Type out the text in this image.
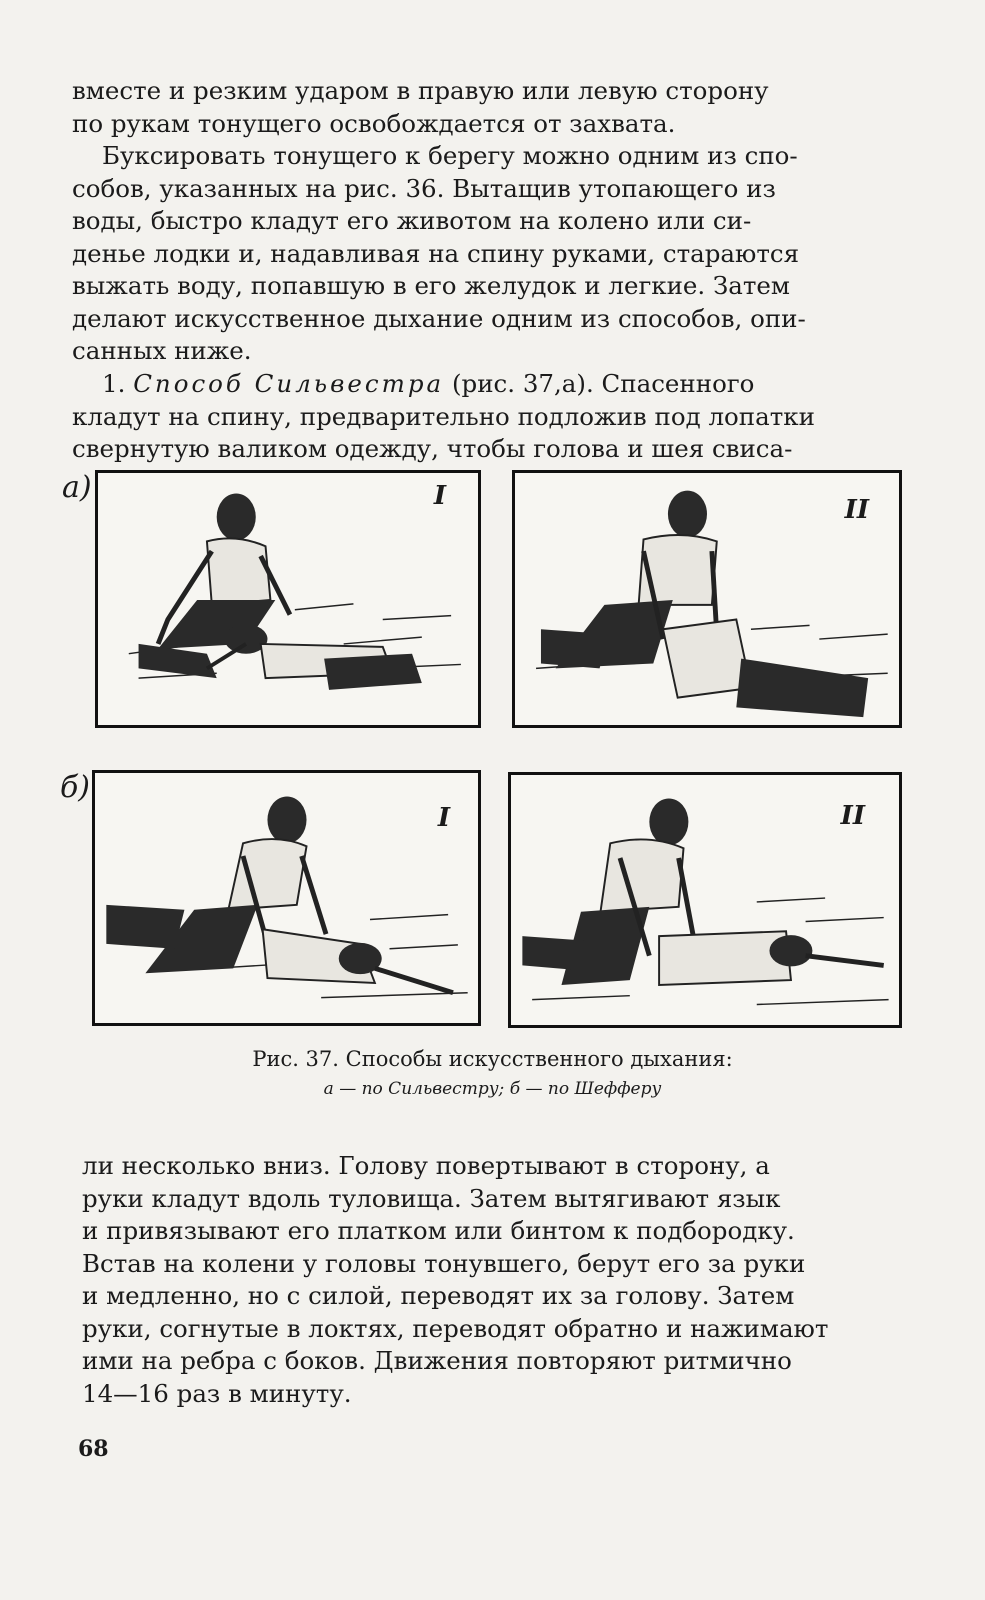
вместе и резким ударом в правую или левую сторону
по рукам тонущего освобождается от захвата.
Буксировать тонущего к берегу можно одним из спо-
собов, указанных на рис. 36. Вытащив утопающего из
воды, быстро кладут его животом на колено или си-
денье лодки и, надавливая на спину руками, стараются
выжать воду, попавшую в его желудок и легкие. Затем
делают искусственное дыхание одним из способов, опи-
санных ниже.
1. Способ Сильвестра (рис. 37,а). Спасенного
кладут на спину, предварительно подложив под лопатки
свернутую валиком одежду, чтобы голова и шея свиса-
а)	I	II
б)
I	II
Рис. 37. Способы искусственного дыхания:
а — по Сильвестру; б — по Шефферу
ли несколько вниз. Голову повертывают в сторону, а
руки кладут вдоль туловища. Затем вытягивают язык
и привязывают его платком или бинтом к подбородку.
Встав на колени у головы тонувшего, берут его за руки
и медленно, но с силой, переводят их за голову. Затем
руки, согнутые в локтях, переводят обратно и нажимают
ими на ребра с боков. Движения повторяют ритмично
14—16 раз в минуту.
68
